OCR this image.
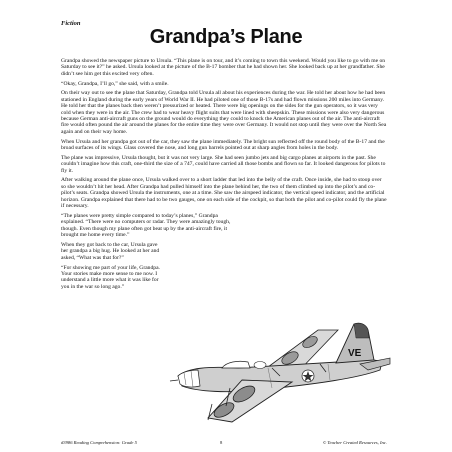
Fiction
Grandpa’s Plane

Grandpa showed the newspaper picture to Ursula. “This plane is on tour, and it’s coming to town this weekend. Would you like to go with me on Saturday to see it?” he asked. Ursula looked at the picture of the B-17 bomber that he had shown her. She looked back up at her grandfather. She didn’t see him get this excited very often.

“Okay, Grandpa, I’ll go,” she said, with a smile.

On their way out to see the plane that Saturday, Grandpa told Ursula all about his experiences during the war. He told her about how he had been stationed in England during the early years of World War II. He had piloted one of those B-17s and had flown missions 200 miles into Germany. He told her that the planes back then weren’t pressurized or heated. There were big openings on the sides for the gun operators, so it was very cold when they were in the air. The crew had to wear heavy flight suits that were lined with sheepskin. These missions were also very dangerous because German anti-aircraft guns on the ground would do everything they could to knock the American planes out of the air. The anti-aircraft fire would often pound the air around the planes for the entire time they were over Germany. It would not stop until they were over the North Sea again and on their way home.

When Ursula and her grandpa got out of the car, they saw the plane immediately. The bright sun reflected off the round body of the B-17 and the broad surfaces of its wings. Glass covered the nose, and long gun barrels pointed out at sharp angles from holes in the body.

The plane was impressive, Ursula thought, but it was not very large. She had seen jumbo jets and big cargo planes at airports in the past. She couldn’t imagine how this craft, one-third the size of a 747, could have carried all those bombs and flown so far. It looked dangerous for pilots to fly it.

After walking around the plane once, Ursula walked over to a short ladder that led into the belly of the craft. Once inside, she had to stoop over so she wouldn’t hit her head. After Grandpa had pulled himself into the plane behind her, the two of them climbed up into the pilot’s and co-pilot’s seats. Grandpa showed Ursula the instruments, one at a time. She saw the airspeed indicator, the vertical speed indicator, and the artificial horizon. Grandpa explained that there had to be two gauges, one on each side of the cockpit, so that both the pilot and co-pilot could fly the plane if necessary.

“The planes were pretty simple compared to today’s planes,” Grandpa explained. “There were no computers or radar. They were amazingly tough, though. Even though my plane often got beat up by the anti-aircraft fire, it brought me home every time.”

When they got back to the car, Ursula gave her grandpa a big hug. He looked at her and asked, “What was that for?”

“For showing me part of your life, Grandpa. Your stories make more sense to me now. I understand a little more what it was like for you in the war so long ago.”

VE
#3986 Reading Comprehension: Grade 5	8	© Teacher Created Resources, Inc.
